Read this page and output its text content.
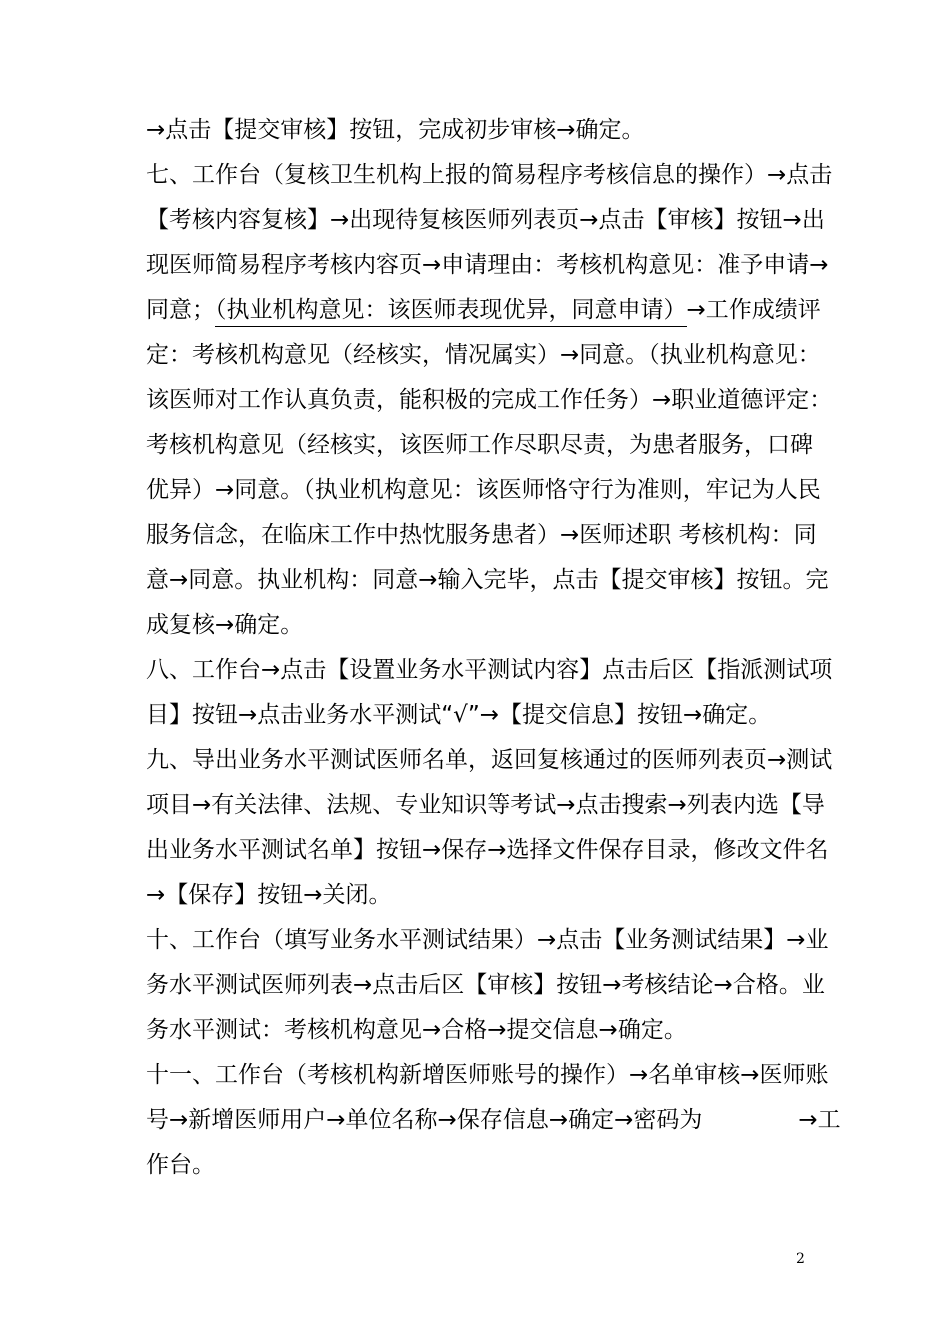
→点击【提交审核】按钮，完成初步审核→确定。
七、工作台（复核卫生机构上报的简易程序考核信息的操作）→点击
【考核内容复核】→出现待复核医师列表页→点击【审核】按钮→出
现医师简易程序考核内容页→申请理由：考核机构意见：准予申请→
同意；（执业机构意见：该医师表现优异，同意申请）→工作成绩评
定：考核机构意见（经核实，情况属实）→同意。（执业机构意见：
该医师对工作认真负责，能积极的完成工作任务）→职业道德评定：
考核机构意见（经核实，该医师工作尽职尽责，为患者服务，口碑
优异）→同意。（执业机构意见：该医师恪守行为准则，牢记为人民
服务信念，在临床工作中热忱服务患者）→医师述职 考核机构：同
意→同意。执业机构：同意→输入完毕，点击【提交审核】按钮。完
成复核→确定。
八、工作台→点击【设置业务水平测试内容】点击后区【指派测试项
目】按钮→点击业务水平测试“√”→【提交信息】按钮→确定。
九、导出业务水平测试医师名单，返回复核通过的医师列表页→测试
项目→有关法律、法规、专业知识等考试→点击搜索→列表内选【导
出业务水平测试名单】按钮→保存→选择文件保存目录，修改文件名
→【保存】按钮→关闭。
十、工作台（填写业务水平测试结果）→点击【业务测试结果】→业
务水平测试医师列表→点击后区【审核】按钮→考核结论→合格。业
务水平测试：考核机构意见→合格→提交信息→确定。
十一、工作台（考核机构新增医师账号的操作）→名单审核→医师账
号→新增医师用户→单位名称→保存信息→确定→密码为	→工
作台。
2
